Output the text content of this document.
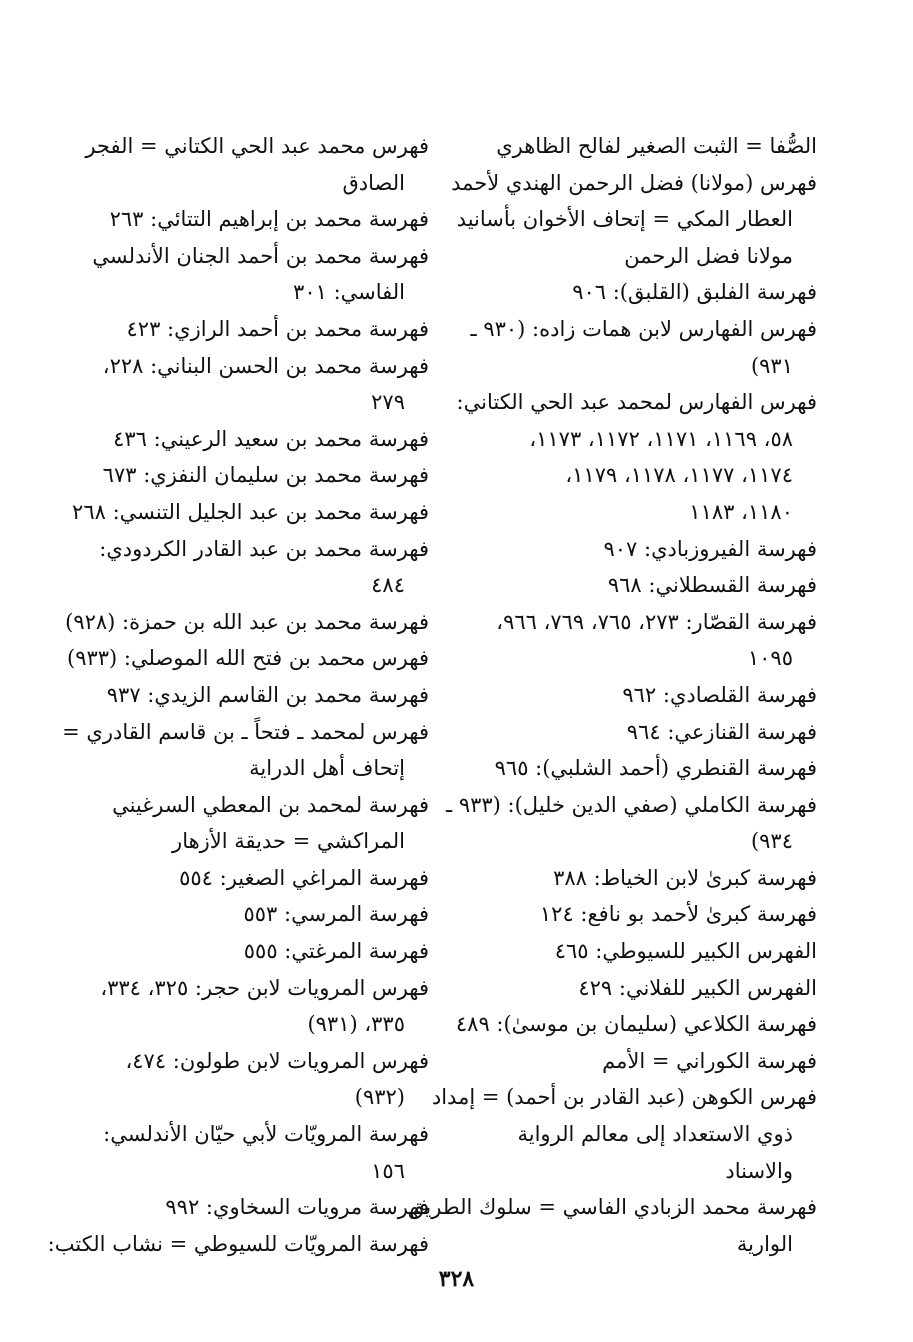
الصُّفا = الثبت الصغير لفالح الظاهري
فهرس (مولانا) فضل الرحمن الهندي لأحمد
العطار المكي = إتحاف الأخوان بأسانيد
مولانا فضل الرحمن
فهرسة الفلبق (القلبق): ٩٠٦
فهرس الفهارس لابن همات زاده: (٩٣٠ ـ
٩٣١)
فهرس الفهارس لمحمد عبد الحي الكتاني:
٥٨، ١١٦٩، ١١٧١، ١١٧٢، ١١٧٣،
١١٧٤، ١١٧٧، ١١٧٨، ١١٧٩،
١١٨٠، ١١٨٣
فهرسة الفيروزبادي: ٩٠٧
فهرسة القسطلاني: ٩٦٨
فهرسة القصّار: ٢٧٣، ٧٦٥، ٧٦٩، ٩٦٦،
١٠٩٥
فهرسة القلصادي: ٩٦٢
فهرسة القنازعي: ٩٦٤
فهرسة القنطري (أحمد الشلبي): ٩٦٥
فهرسة الكاملي (صفي الدين خليل): (٩٣٣ ـ
٩٣٤)
فهرسة كبرىٰ لابن الخياط: ٣٨٨
فهرسة كبرىٰ لأحمد بو نافع: ١٢٤
الفهرس الكبير للسيوطي: ٤٦٥
الفهرس الكبير للفلاني: ٤٢٩
فهرسة الكلاعي (سليمان بن موسىٰ): ٤٨٩
فهرسة الكوراني = الأمم
فهرس الكوهن (عبد القادر بن أحمد) = إمداد
ذوي الاستعداد إلى معالم الرواية
والاسناد
فهرسة محمد الزبادي الفاسي = سلوك الطريق
الوارية
فهرس محمد عبد الحي الكتاني = الفجر
الصادق
فهرسة محمد بن إبراهيم التتائي: ٢٦٣
فهرسة محمد بن أحمد الجنان الأندلسي
الفاسي: ٣٠١
فهرسة محمد بن أحمد الرازي: ٤٢٣
فهرسة محمد بن الحسن البناني: ٢٢٨،
٢٧٩
فهرسة محمد بن سعيد الرعيني: ٤٣٦
فهرسة محمد بن سليمان النفزي: ٦٧٣
فهرسة محمد بن عبد الجليل التنسي: ٢٦٨
فهرسة محمد بن عبد القادر الكردودي:
٤٨٤
فهرسة محمد بن عبد الله بن حمزة: (٩٢٨)
فهرس محمد بن فتح الله الموصلي: (٩٣٣)
فهرسة محمد بن القاسم الزيدي: ٩٣٧
فهرس لمحمد ـ فتحاً ـ بن قاسم القادري =
إتحاف أهل الدراية
فهرسة لمحمد بن المعطي السرغيني
المراكشي = حديقة الأزهار
فهرسة المراغي الصغير: ٥٥٤
فهرسة المرسي: ٥٥٣
فهرسة المرغتي: ٥٥٥
فهرس المرويات لابن حجر: ٣٢٥، ٣٣٤،
٣٣٥، (٩٣١)
فهرس المرويات لابن طولون: ٤٧٤،
(٩٣٢)
فهرسة المرويّات لأبي حيّان الأندلسي:
١٥٦
فهرسة مرويات السخاوي: ٩٩٢
فهرسة المرويّات للسيوطي = نشاب الكتب:
٣٢٨
